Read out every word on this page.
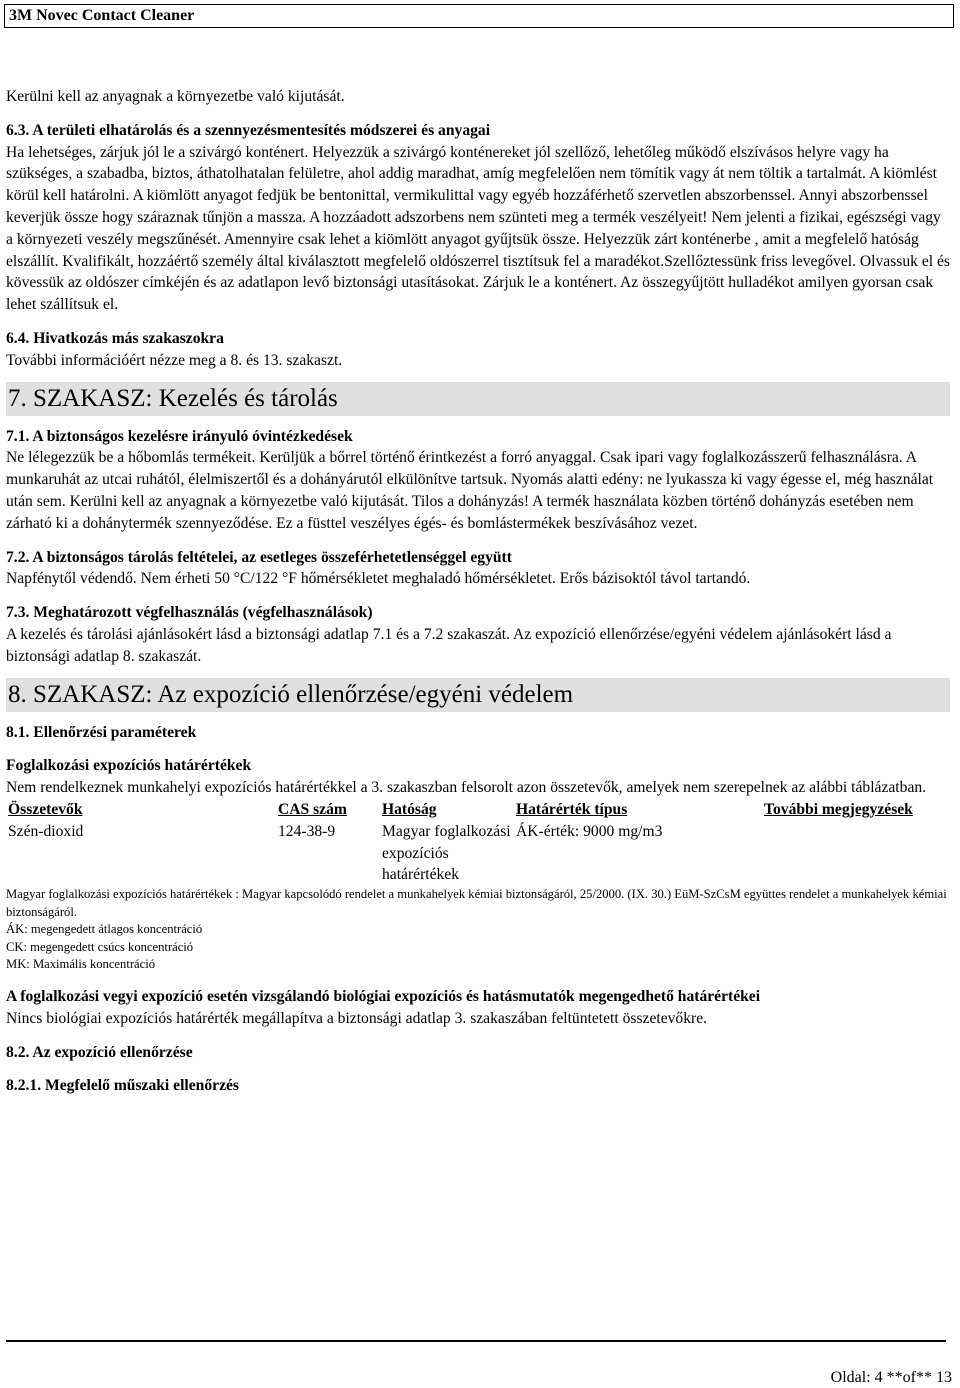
3M Novec Contact Cleaner

Kerülni kell az anyagnak a környezetbe való kijutását.

6.3. A területi elhatárolás és a szennyezésmentesítés módszerei és anyagai

Ha lehetséges, zárjuk jól le a szivárgó konténert. Helyezzük a szivárgó konténereket jól szellőző, lehetőleg működő elszívásos helyre vagy ha szükséges, a szabadba, biztos, áthatolhatalan felületre, ahol addig maradhat, amíg megfelelően nem tömítik vagy át nem töltik a tartalmát. A kiömlést körül kell határolni. A kiömlött anyagot fedjük be bentonittal, vermikulittal vagy egyéb hozzáférhető szervetlen abszorbenssel. Annyi abszorbenssel keverjük össze hogy száraznak tűnjön a massza. A hozzáadott adszorbens nem szünteti meg a termék veszélyeit! Nem jelenti a fizikai, egészségi vagy a környezeti veszély megszűnését. Amennyire csak lehet a kiömlött anyagot gyűjtsük össze. Helyezzük zárt konténerbe , amit a megfelelő hatóság elszállít. Kvalifikált, hozzáértő személy által kiválasztott megfelelő oldószerrel tisztítsuk fel a maradékot.Szellőztessünk friss levegővel. Olvassuk el és kövessük az oldószer címkéjén és az adatlapon levő biztonsági utasításokat. Zárjuk le a konténert. Az összegyűjtött hulladékot amilyen gyorsan csak lehet szállítsuk el.

6.4. Hivatkozás más szakaszokra

További információért nézze meg a 8. és 13. szakaszt.

7. SZAKASZ: Kezelés és tárolás

7.1. A biztonságos kezelésre irányuló óvintézkedések

Ne lélegezzük be a hőbomlás termékeit. Kerüljük a bőrrel történő érintkezést a forró anyaggal. Csak ipari vagy foglalkozásszerű felhasználásra. A munkaruhát az utcai ruhától, élelmiszertől és a dohányárutól elkülönítve tartsuk. Nyomás alatti edény: ne lyukassza ki vagy égesse el, még használat után sem. Kerülni kell az anyagnak a környezetbe való kijutását. Tilos a dohányzás! A termék használata közben történő dohányzás esetében nem zárható ki a dohánytermék szennyeződése. Ez a füsttel veszélyes égés- és bomlástermékek beszívásához vezet.

7.2. A biztonságos tárolás feltételei, az esetleges összeférhetetlenséggel együtt

Napfénytől védendő. Nem érheti 50 °C/122 °F hőmérsékletet meghaladó hőmérsékletet. Erős bázisoktól távol tartandó.

7.3. Meghatározott végfelhasználás (végfelhasználások)

A kezelés és tárolási ajánlásokért lásd a biztonsági adatlap 7.1 és a 7.2 szakaszát. Az expozíció ellenőrzése/egyéni védelem ajánlásokért lásd a biztonsági adatlap 8. szakaszát.

8. SZAKASZ: Az expozíció ellenőrzése/egyéni védelem

8.1. Ellenőrzési paraméterek

Foglalkozási expozíciós határértékek

Nem rendelkeznek munkahelyi expozíciós határértékkel a 3. szakaszban felsorolt azon összetevők, amelyek nem szerepelnek az alábbi táblázatban.

Összetevők	CAS szám	Hatóság	Határérték típus	További megjegyzések
Szén-dioxid	124-38-9	Magyar foglalkozási expozíciós határértékek	ÁK-érték: 9000 mg/m3	

Magyar foglalkozási expozíciós határértékek : Magyar kapcsolódó rendelet a munkahelyek kémiai biztonságáról, 25/2000. (IX. 30.) EüM-SzCsM együttes rendelet a munkahelyek kémiai biztonságáról.

ÁK: megengedett átlagos koncentráció

CK: megengedett csúcs koncentráció

MK: Maximális koncentráció

A foglalkozási vegyi expozíció esetén vizsgálandó biológiai expozíciós és hatásmutatók megengedhető határértékei

Nincs biológiai expozíciós határérték megállapítva a biztonsági adatlap 3. szakaszában feltüntetett összetevőkre.

8.2. Az expozíció ellenőrzése

8.2.1. Megfelelő műszaki ellenőrzés

Oldal: 4 **of** 13
